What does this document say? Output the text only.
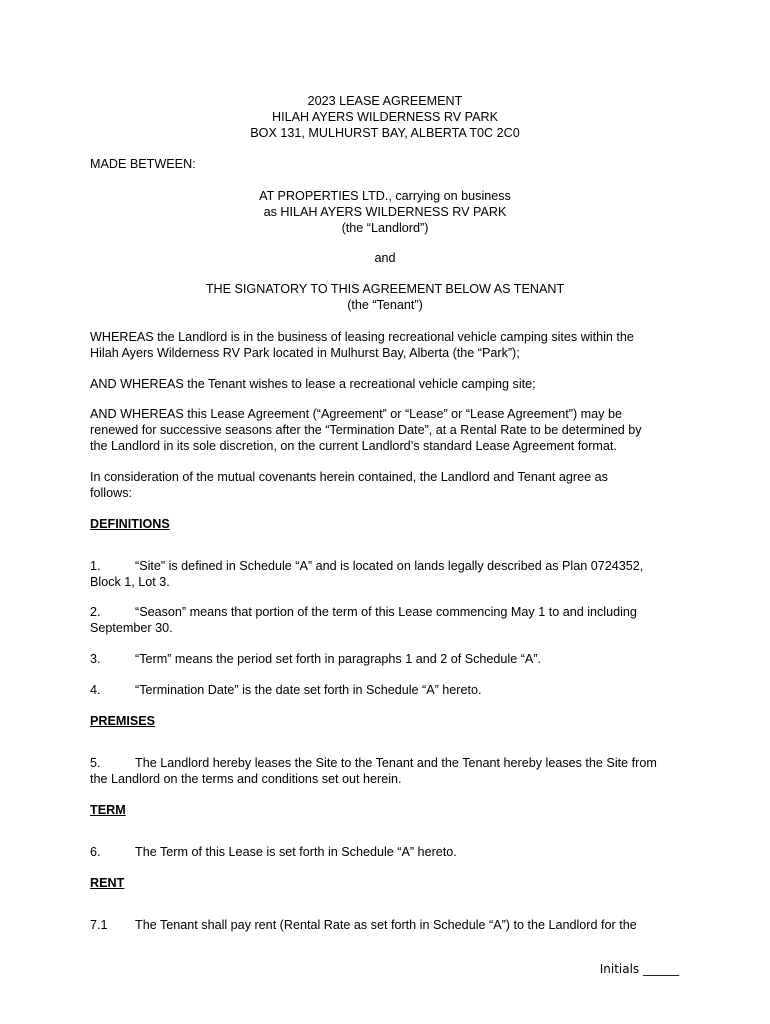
2023 LEASE AGREEMENT

HILAH AYERS WILDERNESS RV PARK

BOX 131, MULHURST BAY, ALBERTA T0C 2C0

MADE BETWEEN:

AT PROPERTIES LTD., carrying on business

as HILAH AYERS WILDERNESS RV PARK

(the “Landlord”)

and

THE SIGNATORY TO THIS AGREEMENT BELOW AS TENANT

(the “Tenant”)

WHEREAS the Landlord is in the business of leasing recreational vehicle camping sites within the

Hilah Ayers Wilderness RV Park located in Mulhurst Bay, Alberta (the “Park”);

AND WHEREAS the Tenant wishes to lease a recreational vehicle camping site;

AND WHEREAS this Lease Agreement (“Agreement” or “Lease” or “Lease Agreement”) may be

renewed for successive seasons after the “Termination Date”, at a Rental Rate to be determined by

the Landlord in its sole discretion, on the current Landlord’s standard Lease Agreement format.

In consideration of the mutual covenants herein contained, the Landlord and Tenant agree as

follows:

DEFINITIONS

1.	“Site” is defined in Schedule “A” and is located on lands legally described as Plan 0724352,

Block 1, Lot 3.

2.	“Season” means that portion of the term of this Lease commencing May 1 to and including

September 30.

3.	“Term” means the period set forth in paragraphs 1 and 2 of Schedule “A”.

4.	“Termination Date” is the date set forth in Schedule “A” hereto.

PREMISES

5.	The Landlord hereby leases the Site to the Tenant and the Tenant hereby leases the Site from

the Landlord on the terms and conditions set out herein.

TERM

6.	The Term of this Lease is set forth in Schedule “A” hereto.

RENT

7.1 The Tenant shall pay rent (Rental Rate as set forth in Schedule “A”) to the Landlord for the

Initials ______
